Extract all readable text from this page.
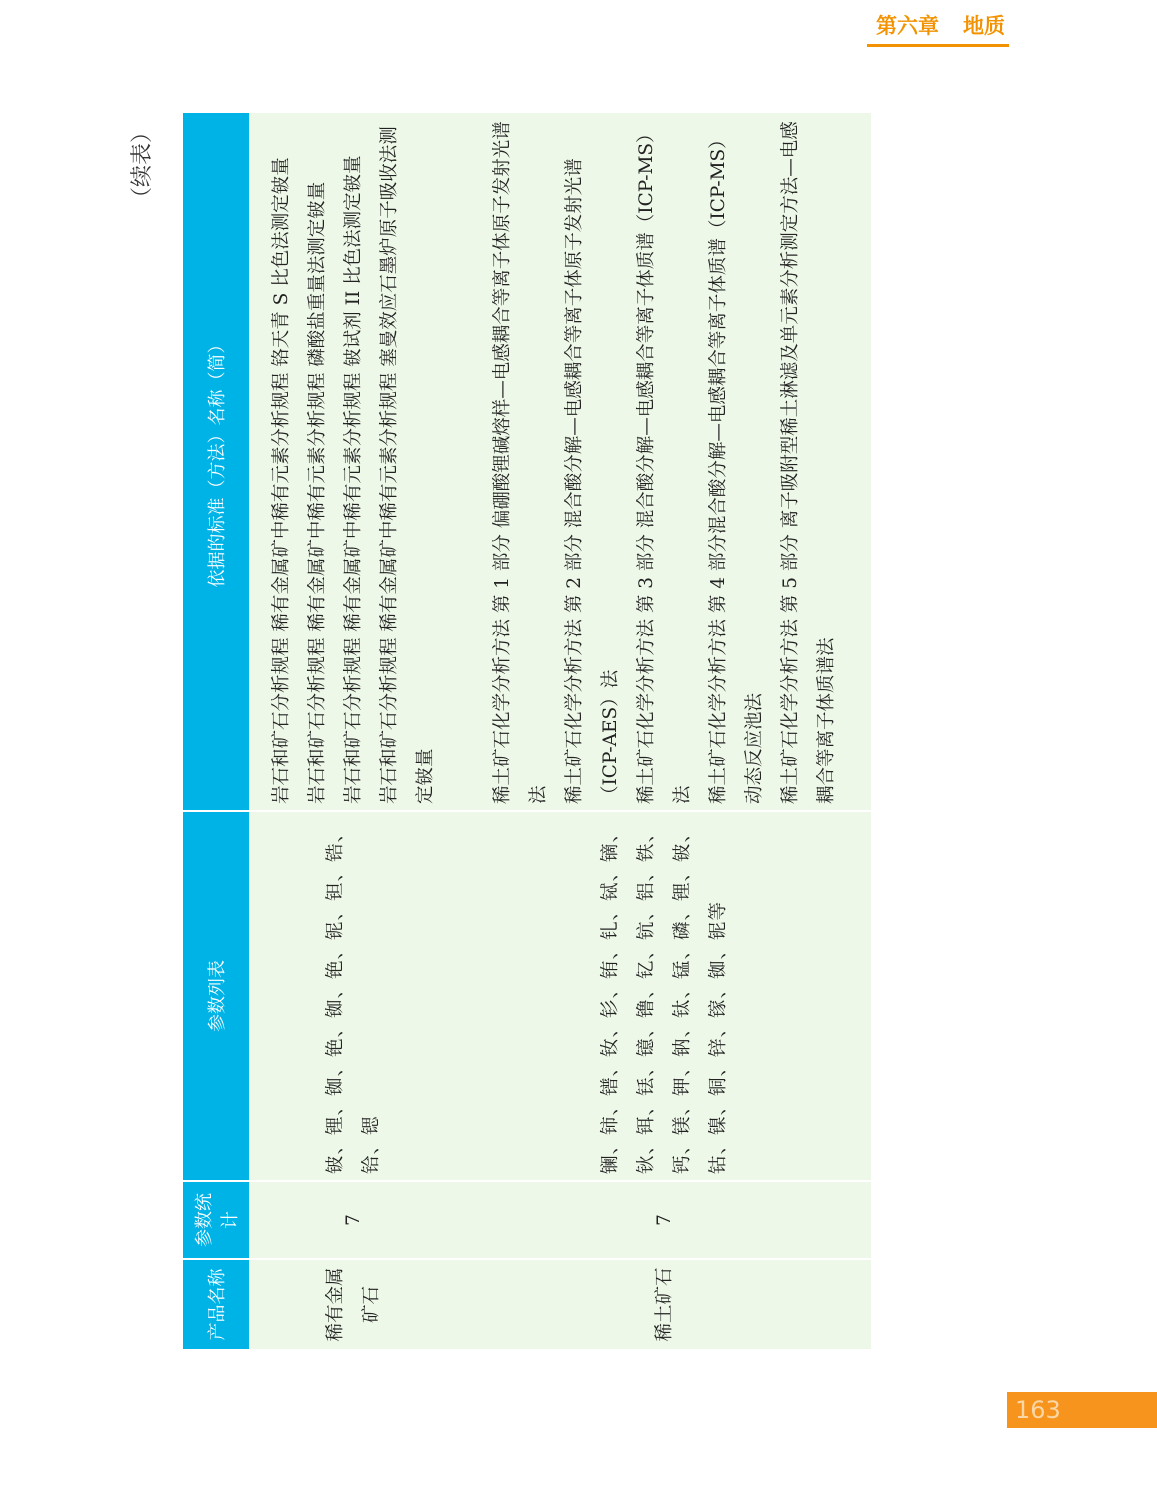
第六章 地质
（续表）
产品名称	参数统计	参数列表	依据的标准（方法）名称（简）
稀有金属矿石	7	铍、锂、铷、铯、铷、铯、铌、钽、锆、铪、锶	岩石和矿石分析规程 稀有金属矿中稀有元素分析规程 铬天青 S 比色法测定铍量 岩石和矿石分析规程 稀有金属矿中稀有元素分析规程 磷酸盐重量法测定铍量 岩石和矿石分析规程 稀有金属矿中稀有元素分析规程 铍试剂 II 比色法测定铍量 岩石和矿石分析规程 稀有金属矿中稀有元素分析规程 塞曼效应石墨炉原子吸收法测定铍量

稀土矿石	7	镧、铈、镨、钕、钐、铕、钆、铽、镝、钬、铒、铥、镱、镥、钇、钪、铝、铁、钙、镁、钾、钠、钛、锰、磷、锂、铍、钴、镍、铜、锌、镓、铷、铌等	稀土矿石化学分析方法 第 1 部分 偏硼酸锂碱熔样—电感耦合等离子体原子发射光谱法 稀土矿石化学分析方法 第 2 部分 混合酸分解—电感耦合等离子体原子发射光谱（ICP-AES）法 稀土矿石化学分析方法 第 3 部分 混合酸分解—电感耦合等离子体质谱（ICP-MS）法 稀土矿石化学分析方法 第 4 部分混合酸分解—电感耦合等离子体质谱（ICP-MS）动态反应池法 稀土矿石化学分析方法 第 5 部分 离子吸附型稀土淋滤及单元素分析测定方法—电感耦合等离子体质谱法
163
